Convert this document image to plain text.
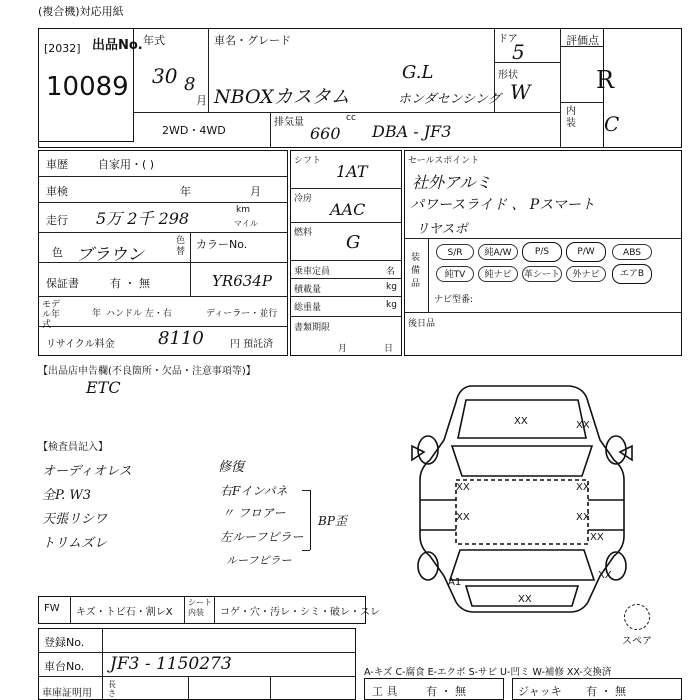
(複合機)対応用紙
出品No.
[2032]
10089
年式
30 8
月
車名・グレード
NBOXカスタム
G.L
ホンダセンシング
ドア
5
形状
W
2WD・4WD
排気量	cc
660 DBA - JF3
評価点
R
内装 C
車歴	自家用・( )
車検	年	月
走行 5万 2千 298	km
マイル
色 ブラウン
色替
カラーNo.
YR634P
保証書	有 ・ 無
モデル年式
年 ハンドル 左・右	ディーラー・並行
リサイクル料金 8110	円 預託済
シフト
1AT
冷房
AAC
燃料 G
乗車定員	名
積載量	kg
総重量	kg
書類期限
月	日
セールスポイント
社外アルミ
パワースライド 、 Pスマート
リヤスポ
装備品
S/R	純A/W	P/S	P/W	ABS
純TV	純ナビ	革シート	外ナビ	エアB
ナビ型番:
後日品
【出品店申告欄(不良箇所・欠品・注意事項等)】
ETC
【検査員記入】
オーディオレス
全P. W3
天張リシワ
トリムズレ
修復
右Fインパネ
〃 フロアー
左ルーフピラー
ルーフピラー
BP歪
XX	XX
XX
XX
XX
XX
XX
XX
XX
A1
スペア
FW キズ・トビ石・割レX
シート内装	コゲ・穴・汚レ・シミ・破レ・スレ
登録No.
車台No. JF3 - 1150273
車庫証明用
長さ
A-キズ C-腐食 E-エクボ S-サビ U-凹ミ W-補修 XX-交換済
工 具	有 ・ 無	ジャッキ 有 ・ 無
